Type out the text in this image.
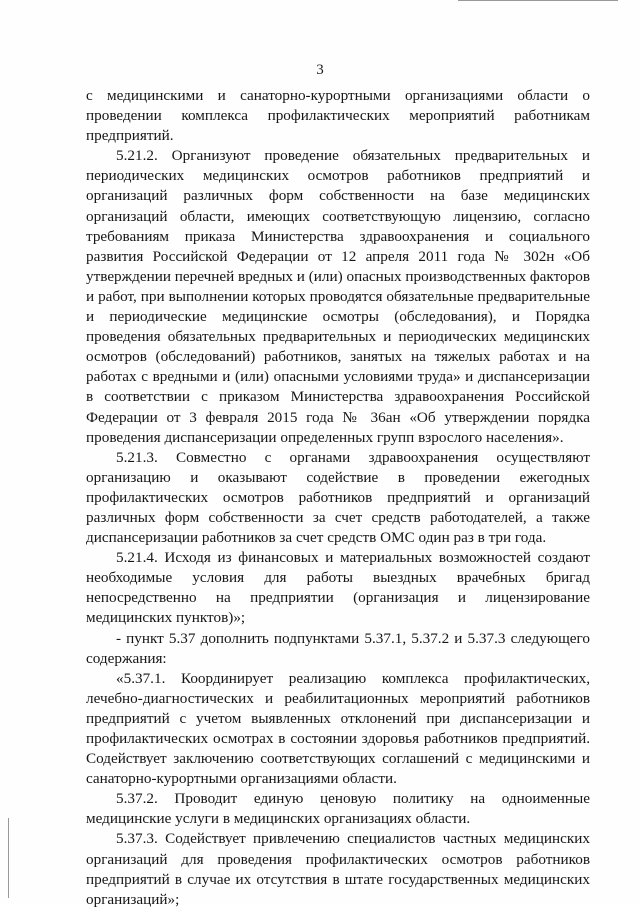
3

с медицинскими и санаторно-курортными организациями области о проведении комплекса профилактических мероприятий работникам предприятий.

5.21.2. Организуют проведение обязательных предварительных и периодических медицинских осмотров работников предприятий и организаций различных форм собственности на базе медицинских организаций области, имеющих соответствующую лицензию, согласно требованиям приказа Министерства здравоохранения и социального развития Российской Федерации от 12 апреля 2011 года № 302н «Об утверждении перечней вредных и (или) опасных производственных факторов и работ, при выполнении которых проводятся обязательные предварительные и периодические медицинские осмотры (обследования), и Порядка проведения обязательных предварительных и периодических медицинских осмотров (обследований) работников, занятых на тяжелых работах и на работах с вредными и (или) опасными условиями труда» и диспансеризации в соответствии с приказом Министерства здравоохранения Российской Федерации от 3 февраля 2015 года № 36ан «Об утверждении порядка проведения диспансеризации определенных групп взрослого населения».

5.21.3. Совместно с органами здравоохранения осуществляют организацию и оказывают содействие в проведении ежегодных профилактических осмотров работников предприятий и организаций различных форм собственности за счет средств работодателей, а также диспансеризации работников за счет средств ОМС один раз в три года.

5.21.4. Исходя из финансовых и материальных возможностей создают необходимые условия для работы выездных врачебных бригад непосредственно на предприятии (организация и лицензирование медицинских пунктов)»;

- пункт 5.37 дополнить подпунктами 5.37.1, 5.37.2 и 5.37.3 следующего содержания:

«5.37.1. Координирует реализацию комплекса профилактических, лечебно-диагностических и реабилитационных мероприятий работников предприятий с учетом выявленных отклонений при диспансеризации и профилактических осмотрах в состоянии здоровья работников предприятий. Содействует заключению соответствующих соглашений с медицинскими и санаторно-курортными организациями области.

5.37.2. Проводит единую ценовую политику на одноименные медицинские услуги в медицинских организациях области.

5.37.3. Содействует привлечению специалистов частных медицинских организаций для проведения профилактических осмотров работников предприятий в случае их отсутствия в штате государственных медицинских организаций»;
